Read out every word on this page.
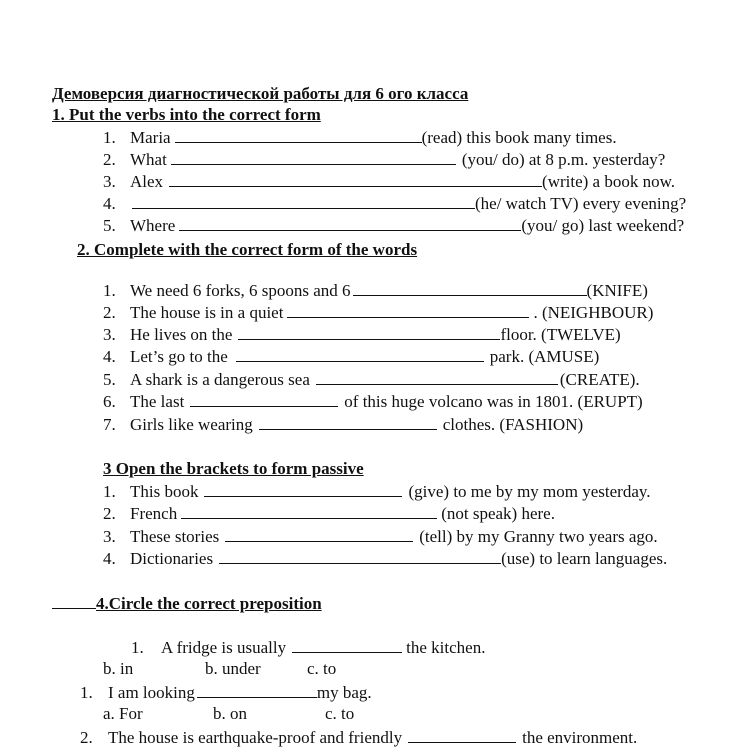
Демоверсия диагностической работы для 6 ого класса
1. Put the verbs into the correct form
1. Maria	(read) this book many times.
2. What	(you/ do) at 8 p.m. yesterday?
3. Alex	(write) a book now.
4.	(he/ watch TV) every evening?
5. Where	(you/ go) last weekend?
2. Complete with the correct form of the words
1. We need 6 forks, 6 spoons and 6	(KNIFE)
2. The house is in a quiet	. (NEIGHBOUR)
3. He lives on the	floor. (TWELVE)
4. Let’s go to the	park. (AMUSE)
5. A shark is a dangerous sea	(CREATE).
6. The last	of this huge volcano was in 1801. (ERUPT)
7. Girls like wearing	clothes. (FASHION)
3 Open the brackets to form passive
1. This book	(give) to me by my mom yesterday.
2. French	(not speak) here.
3. These stories	(tell) by my Granny two years ago.
4. Dictionaries	(use) to learn languages.
4.Circle the correct preposition
1. A fridge is usually	the kitchen.
b. in	b. under	c. to
1. I am looking	my bag.
a. For	b. on	c. to
2. The house is earthquake-proof and friendly	the environment.
